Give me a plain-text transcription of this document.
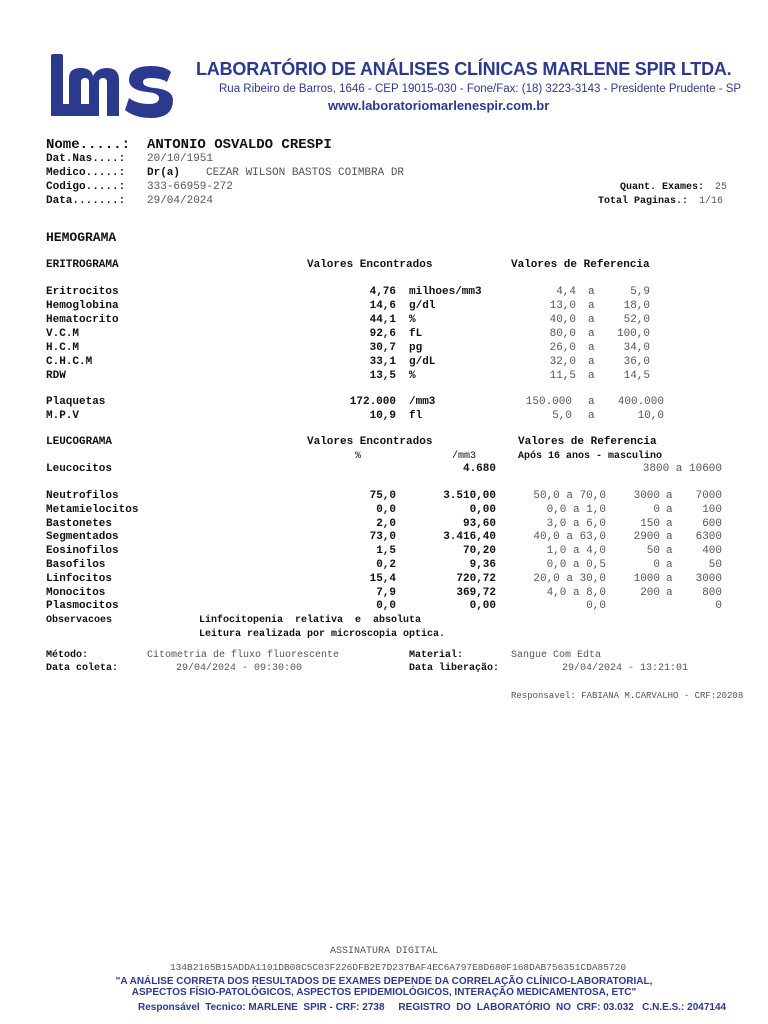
LABORATÓRIO DE ANÁLISES CLÍNICAS MARLENE SPIR LTDA.
Rua Ribeiro de Barros, 1646 - CEP 19015-030 - Fone/Fax: (18) 3223-3143 - Presidente Prudente - SP
www.laboratoriomarlenespir.com.br
Nome.....: ANTONIO OSVALDO CRESPI
Dat.Nas....: 20/10/1951
Medico.....: Dr(a) CEZAR WILSON BASTOS COIMBRA DR
Codigo.....: 333-66959-272
Data.......: 29/04/2024
Quant. Exames: 25
Total Paginas.: 1/16
HEMOGRAMA
ERITROGRAMA	Valores Encontrados	Valores de Referencia
Eritrocitos	4,76 milhoes/mm3	4,4 a	5,9
Hemoglobina	14,6 g/dl	13,0 a	18,0
Hematocrito	44,1 %	40,0 a	52,0
V.C.M	92,6 fL	80,0 a	100,0
H.C.M	30,7 pg	26,0 a	34,0
C.H.C.M	33,1 g/dL	32,0 a	36,0
RDW	13,5 %	11,5 a	14,5
Plaquetas	172.000 /mm3	150.000 a	400.000
M.P.V	10,9 fl	5,0 a	10,0
LEUCOGRAMA	Valores Encontrados	Valores de Referencia
%	/mm3	Após 16 anos - masculino
Leucocitos	4.680	3800 a 10600
Neutrofilos	75,0	3.510,00	50,0 a 70,0	3000 a	7000
Metamielocitos	0,0	0,00	0,0 a 1,0	0 a	100
Bastonetes	2,0	93,60	3,0 a 6,0	150 a	600
Segmentados	73,0	3.416,40	40,0 a 63,0	2900 a	6300
Eosinofilos	1,5	70,20	1,0 a 4,0	50 a	400
Basofilos	0,2	9,36	0,0 a 0,5	0 a	50
Linfocitos	15,4	720,72	20,0 a 30,0	1000 a	3000
Monocitos	7,9	369,72	4,0 a 8,0	200 a	800
Plasmocitos	0,0	0,00	0,0	0
Observacoes	Linfocitopenia  relativa  e  absoluta
Leitura realizada por microscopia optica.
Método:	Citometria de fluxo fluorescente	Material:	Sangue Com Edta
Data coleta:	29/04/2024 - 09:30:00	Data liberação:	29/04/2024 - 13:21:01
Responsavel: FABIANA M.CARVALHO - CRF:20208
ASSINATURA DIGITAL
134B2165B15ADDA1101DB08C5C03F226DFB2E7D237BAF4EC6A797E8D680F168DAB756351CDA85720
"A ANÁLISE CORRETA DOS RESULTADOS DE EXAMES DEPENDE DA CORRELAÇÃO CLÍNICO-LABORATORIAL,
ASPECTOS FÍSIO-PATOLÓGICOS, ASPECTOS EPIDEMIOLÓGICOS, INTERAÇÃO MEDICAMENTOSA, ETC"
Responsável  Tecnico: MARLENE  SPIR - CRF: 2738     REGISTRO  DO  LABORATÓRIO  NO  CRF: 03.032   C.N.E.S.: 2047144
